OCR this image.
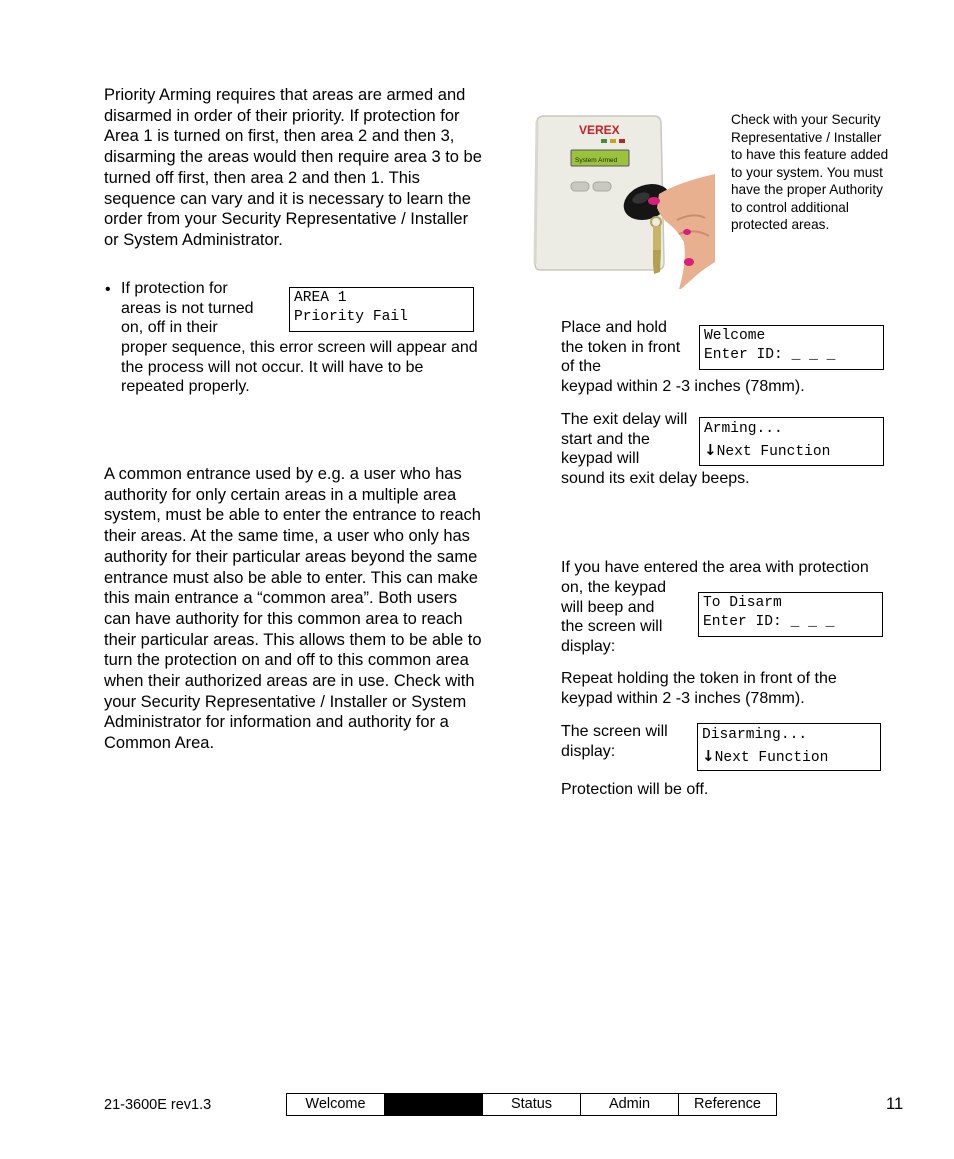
Priority Arming requires that areas are armed and disarmed in order of their priority. If protection for Area 1 is turned on first, then area 2 and then 3, disarming the areas would then require area 3 to be turned off first, then area 2 and then 1. This sequence can vary and it is necessary to learn the order from your Security Representative / Installer or System Administrator.

• If protection for areas is not turned on, off in their

AREA 1
Priority Fail

proper sequence, this error screen will appear and the process will not occur. It will have to be repeated properly.

A common entrance used by e.g. a user who has authority for only certain areas in a multiple area system, must be able to enter the entrance to reach their areas. At the same time, a user who only has authority for their particular areas beyond the same entrance must also be able to enter. This can make this main entrance a “common area”. Both users can have authority for this common area to reach their particular areas. This allows them to be able to turn the protection on and off to this common area when their authorized areas are in use. Check with your Security Representative / Installer or System Administrator for information and authority for a Common Area.

VEREX
System Armed

Check with your Security Representative / Installer to have this feature added to your system. You must have the proper Authority to control additional protected areas.

Place and hold the token in front of the

Welcome
Enter ID: _ _ _

keypad within 2 -3 inches (78mm).

The exit delay will start and the keypad will

Arming...
↓Next Function

sound its exit delay beeps.

If you have entered the area with protection

on, the keypad will beep and the screen will display:

To Disarm
Enter ID: _ _ _

Repeat holding the token in front of the keypad within 2 -3 inches (78mm).

The screen will display:

Disarming...
↓Next Function

Protection will be off.

21-3600E rev1.3	Welcome	Status	Admin	Reference	11
